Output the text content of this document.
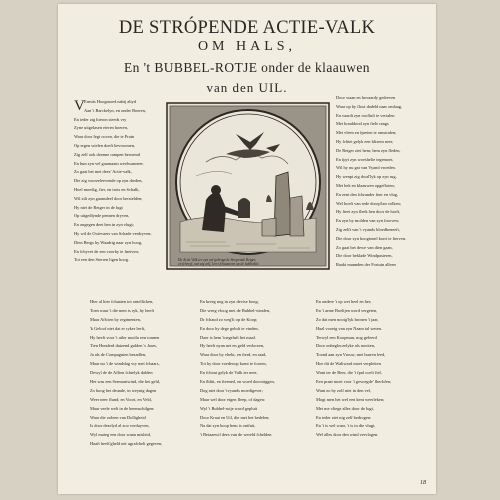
DE STRÓPENDE ACTIE-VALK
OM HALS,
En 't BUBBEL-ROTJE onder de klaauwen
van den UIL.
V Ermits Hoogmoed nabij altyd
Aan 't Barckelyn, en onder Boeren,
En ieder zig hieron steeds vry
Zyne uitgelasen eieren hoeren,
Waar door Iegt oocen, die te Pruin
Op ergen wielen doeft bevroomen,
Zig zelf ook doenne rampen beroemd
En hun zyn vel gaarnaam weelwanneer.
Zo gaat het met deez' Actie-valk,
Die zig voorzeleevende op zyn rheden,
Hoel moedig, fier, en trots en Schalk,
Wil zilt zyn gaansdeel door herstelden;
Hy niet de Reiger in de lugt
Op uitgedlynde pennen dryven,
En ongegen deet hen in zyn vlugt;
Hy wil de Ooievaers van Schade verdryven;
Dien Bergs hy Waadrig naar zyn hoog,
En fchyvet de een voorby te fneiven;
Tot een den Sterren ligen hoog.
Door waan en hovaardy gedreven
Waar op hy floot dadeld naar omlaag,
En vaardt zyn roofluft te vertalen
Met honddood zyn fiele rangs
Met vleen en fpreien te omstralen;
Hy fchiet gelyk een blixem neer,
De Reiger ziet hem; hem zyn fleden,
En fpyt zyn woeshelie tegemoet,
Wil hy nu gat van Vyand vroeden.
Hy wenpt zig dwal'lyk op zyn rug,
Met bek en klaauwen opgefloten;
En zent den fchrander fner en vlug,
Wel boeft van rede droop'lan volken;
Hy fteet zyn fleek hen door de borft,
En zyn by molden van zyn frooven;
Zig zelft van 't vyands bloedbeneeft,
Die door zyn hoogtonel korrt te fterven.
Zo gaat het dewe van dien gaan,
Die door beklade Windpasteren,
Raakt mannden der Fortuin alleen
De Actie Valk ter zyn val gebragt de Stropende Reiger,
en fchryyf, van zig zelf, leert fchaauwen op de bubbeluit.
Hier al hier fchaaten tot ontellicken,
Toen waar 't die men is ryk, hy heeft
Maar Affcien by regimenten,
'k Geloof niet dat er ryker leeft,
Hy heeft voor 't uiler nooilu een tonnen
Tien Honderd duizend gulden 's Jaars,
Ja als de Compagnien bezadlen,
Maar nu 't de windslag vry met fchaars,
Dewyl de de Aflien fchielyk dalden
Het was een Sermoniwind, die het geld,
Zo hoog bet deunde, in weynig dagen
Weer neer flund; en Voort, en Veld,
Maar veele welt in de beemschilgen:
Waar die ooleen van Dolligheid
Is door dezelyd al zoo verduyven,
Wyl maieg een door waan misleid,
Haaft heeft'gheld net ugrafchelt gegeven,
En kreeg nog in zyn devise boog;
Die weeg vloog met de Bubbel-winden,
Dr fchaud zo weg'lt op de Koop;
En door hy dege geluft te vinden,
Daer is hem 'toegeluft het maal.
Hy heeft nyan net en geld verlooren,
Waar door hy vhekt, en fterd, en raad,
Tot hy door voedeoop komt te fooren,
En fchout gelyk de Valk ter neer,
En fhlitt, en fteened, en woed doorstiggen,
Dog niet door 'tvyands moedigever;
Maar wel door eigen fleep, of dagen:
Wyl 't Bubbel-rotje word gepluit
Door Kraai en Uil, die met het bedelen;
Na dat zyn hoop hem is ontfuit,
't Betaaewil dees van de wereld fchelden
En ondere 't op wet heel en her;
En 't arme Boeltjen word vergeten,
Zo dat men nooig'lyk bronen 't jaar,
Haal vooeig van zyn Naam tal weten.
Terwyl een Koopman, nog geleerd
Door onbegloczelyke als nooiten,
Toond aan zyn Vrouw, met burren leed,
Hoe dit de Waliward moet verpleiten
Want ter de Beer, die 't fpul ocelt fiel,
Een praat moet voor 't gevoegde' fhechfen;
Want zo hy zolf niet in den vel,
Mogt men het wel een kent weerleken;
Met me vliege alles door de lugt,
En ieder ziet nig zelf bedrogen:
En 't is wel waar, 't is in die vlugt,
Wel alles door den wind vervlogen.
18
